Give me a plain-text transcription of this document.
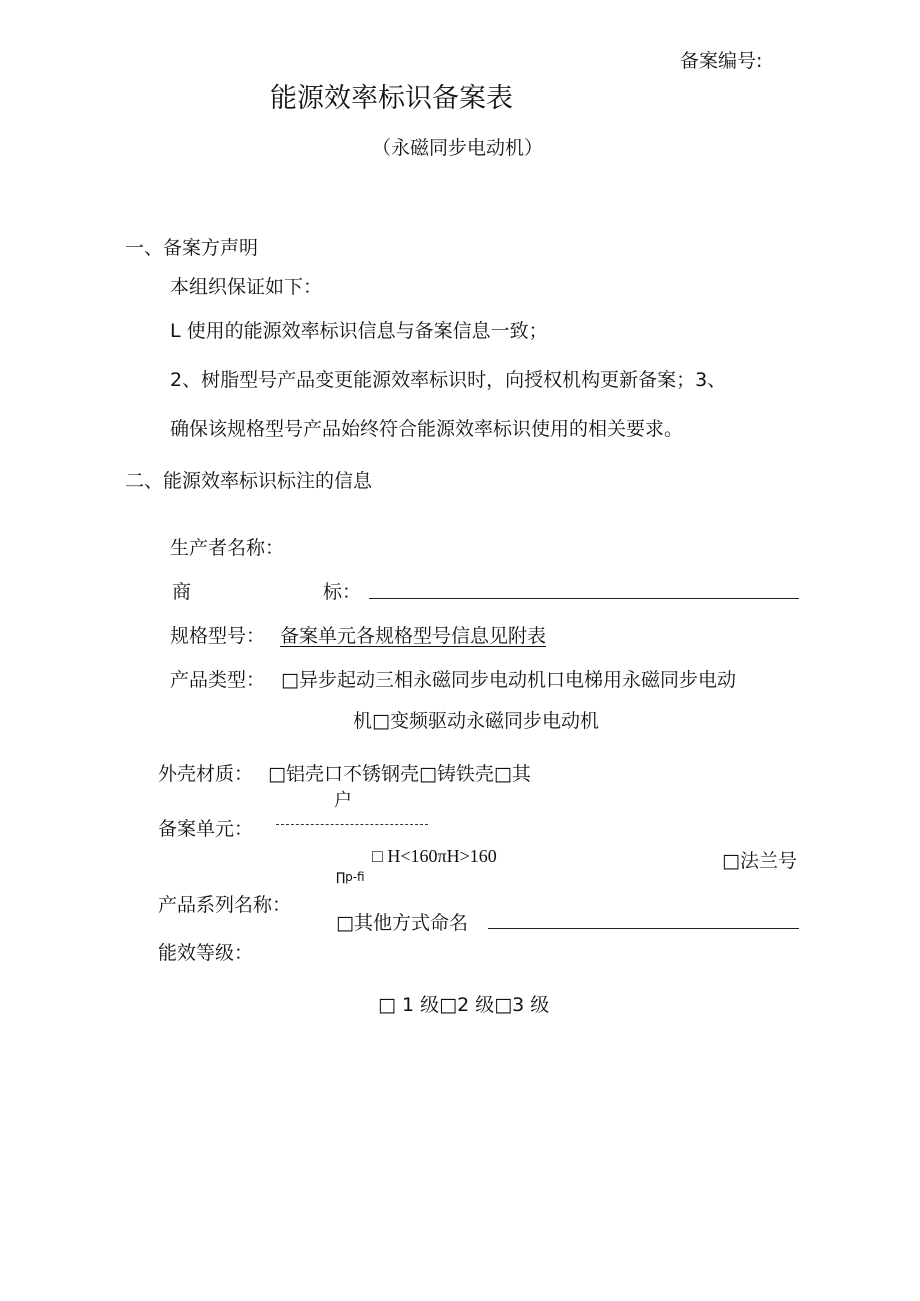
备案编号:
能源效率标识备案表
（永磁同步电动机）
一、备案方声明
本组织保证如下：
L 使用的能源效率标识信息与备案信息一致；
2、树脂型号产品变更能源效率标识时，向授权机构更新备案；3、
确保该规格型号产品始终符合能源效率标识使用的相关要求。
二、能源效率标识标注的信息
生产者名称：
商	标：
规格型号： 备案单元各规格型号信息见附表
产品类型： □异步起动三相永磁同步电动机口电梯用永磁同步电动
机□变频驱动永磁同步电动机
外壳材质： □铝壳口不锈钢壳□铸铁壳□其
户
备案单元：
□ H<160πH>160	□法兰号
∏p-fi
产品系列名称：
□其他方式命名
能效等级：
□ 1 级□2 级□3 级
